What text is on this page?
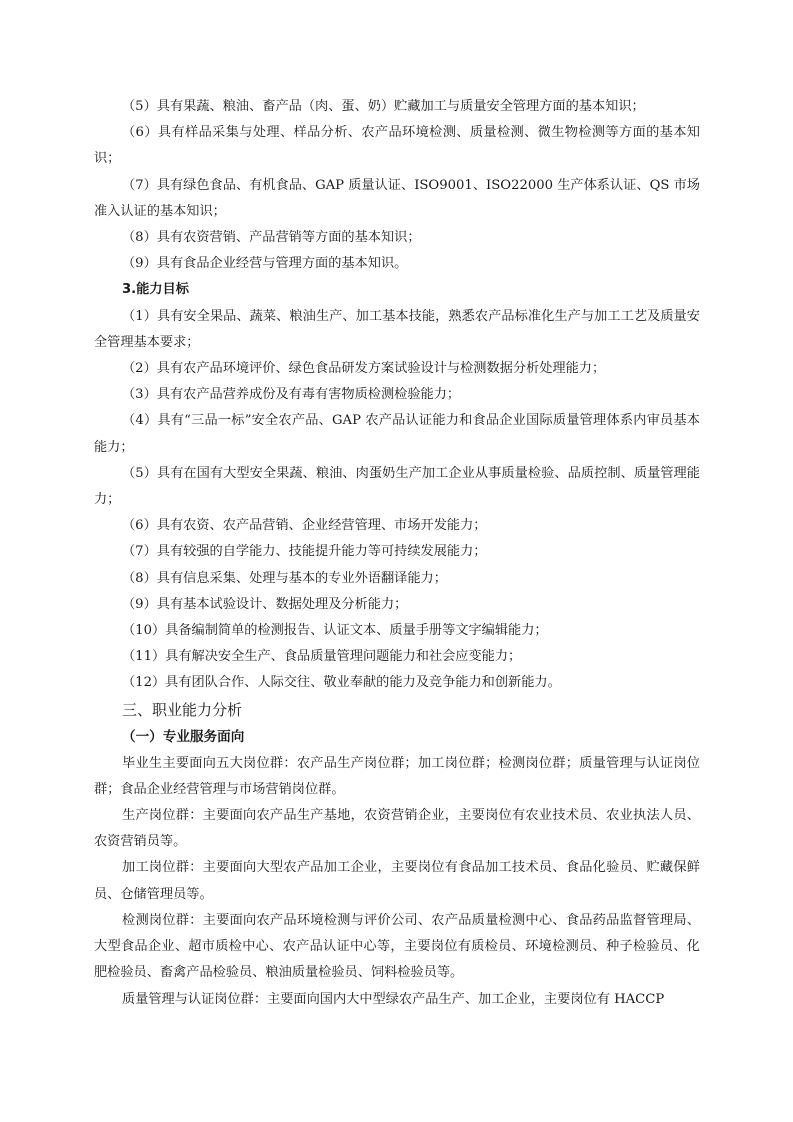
（5）具有果蔬、粮油、畜产品（肉、蛋、奶）贮藏加工与质量安全管理方面的基本知识；

（6）具有样品采集与处理、样品分析、农产品环境检测、质量检测、微生物检测等方面的基本知识；

（7）具有绿色食品、有机食品、GAP 质量认证、ISO9001、ISO22000 生产体系认证、QS 市场准入认证的基本知识；

（8）具有农资营销、产品营销等方面的基本知识；

（9）具有食品企业经营与管理方面的基本知识。

3.能力目标

（1）具有安全果品、蔬菜、粮油生产、加工基本技能，熟悉农产品标准化生产与加工工艺及质量安全管理基本要求；

（2）具有农产品环境评价、绿色食品研发方案试验设计与检测数据分析处理能力；

（3）具有农产品营养成份及有毒有害物质检测检验能力；

（4）具有“三品一标”安全农产品、GAP 农产品认证能力和食品企业国际质量管理体系内审员基本能力；

（5）具有在国有大型安全果蔬、粮油、肉蛋奶生产加工企业从事质量检验、品质控制、质量管理能力；

（6）具有农资、农产品营销、企业经营管理、市场开发能力；

（7）具有较强的自学能力、技能提升能力等可持续发展能力；

（8）具有信息采集、处理与基本的专业外语翻译能力；

（9）具有基本试验设计、数据处理及分析能力；

（10）具备编制简单的检测报告、认证文本、质量手册等文字编辑能力；

（11）具有解决安全生产、食品质量管理问题能力和社会应变能力；

（12）具有团队合作、人际交往、敬业奉献的能力及竞争能力和创新能力。

三、职业能力分析

（一）专业服务面向

毕业生主要面向五大岗位群：农产品生产岗位群；加工岗位群；检测岗位群；质量管理与认证岗位群；食品企业经营管理与市场营销岗位群。

生产岗位群：主要面向农产品生产基地，农资营销企业，主要岗位有农业技术员、农业执法人员、农资营销员等。

加工岗位群：主要面向大型农产品加工企业，主要岗位有食品加工技术员、食品化验员、贮藏保鲜员、仓储管理员等。

检测岗位群：主要面向农产品环境检测与评价公司、农产品质量检测中心、食品药品监督管理局、大型食品企业、超市质检中心、农产品认证中心等，主要岗位有质检员、环境检测员、种子检验员、化肥检验员、畜禽产品检验员、粮油质量检验员、饲料检验员等。

质量管理与认证岗位群：主要面向国内大中型绿农产品生产、加工企业，主要岗位有 HACCP
